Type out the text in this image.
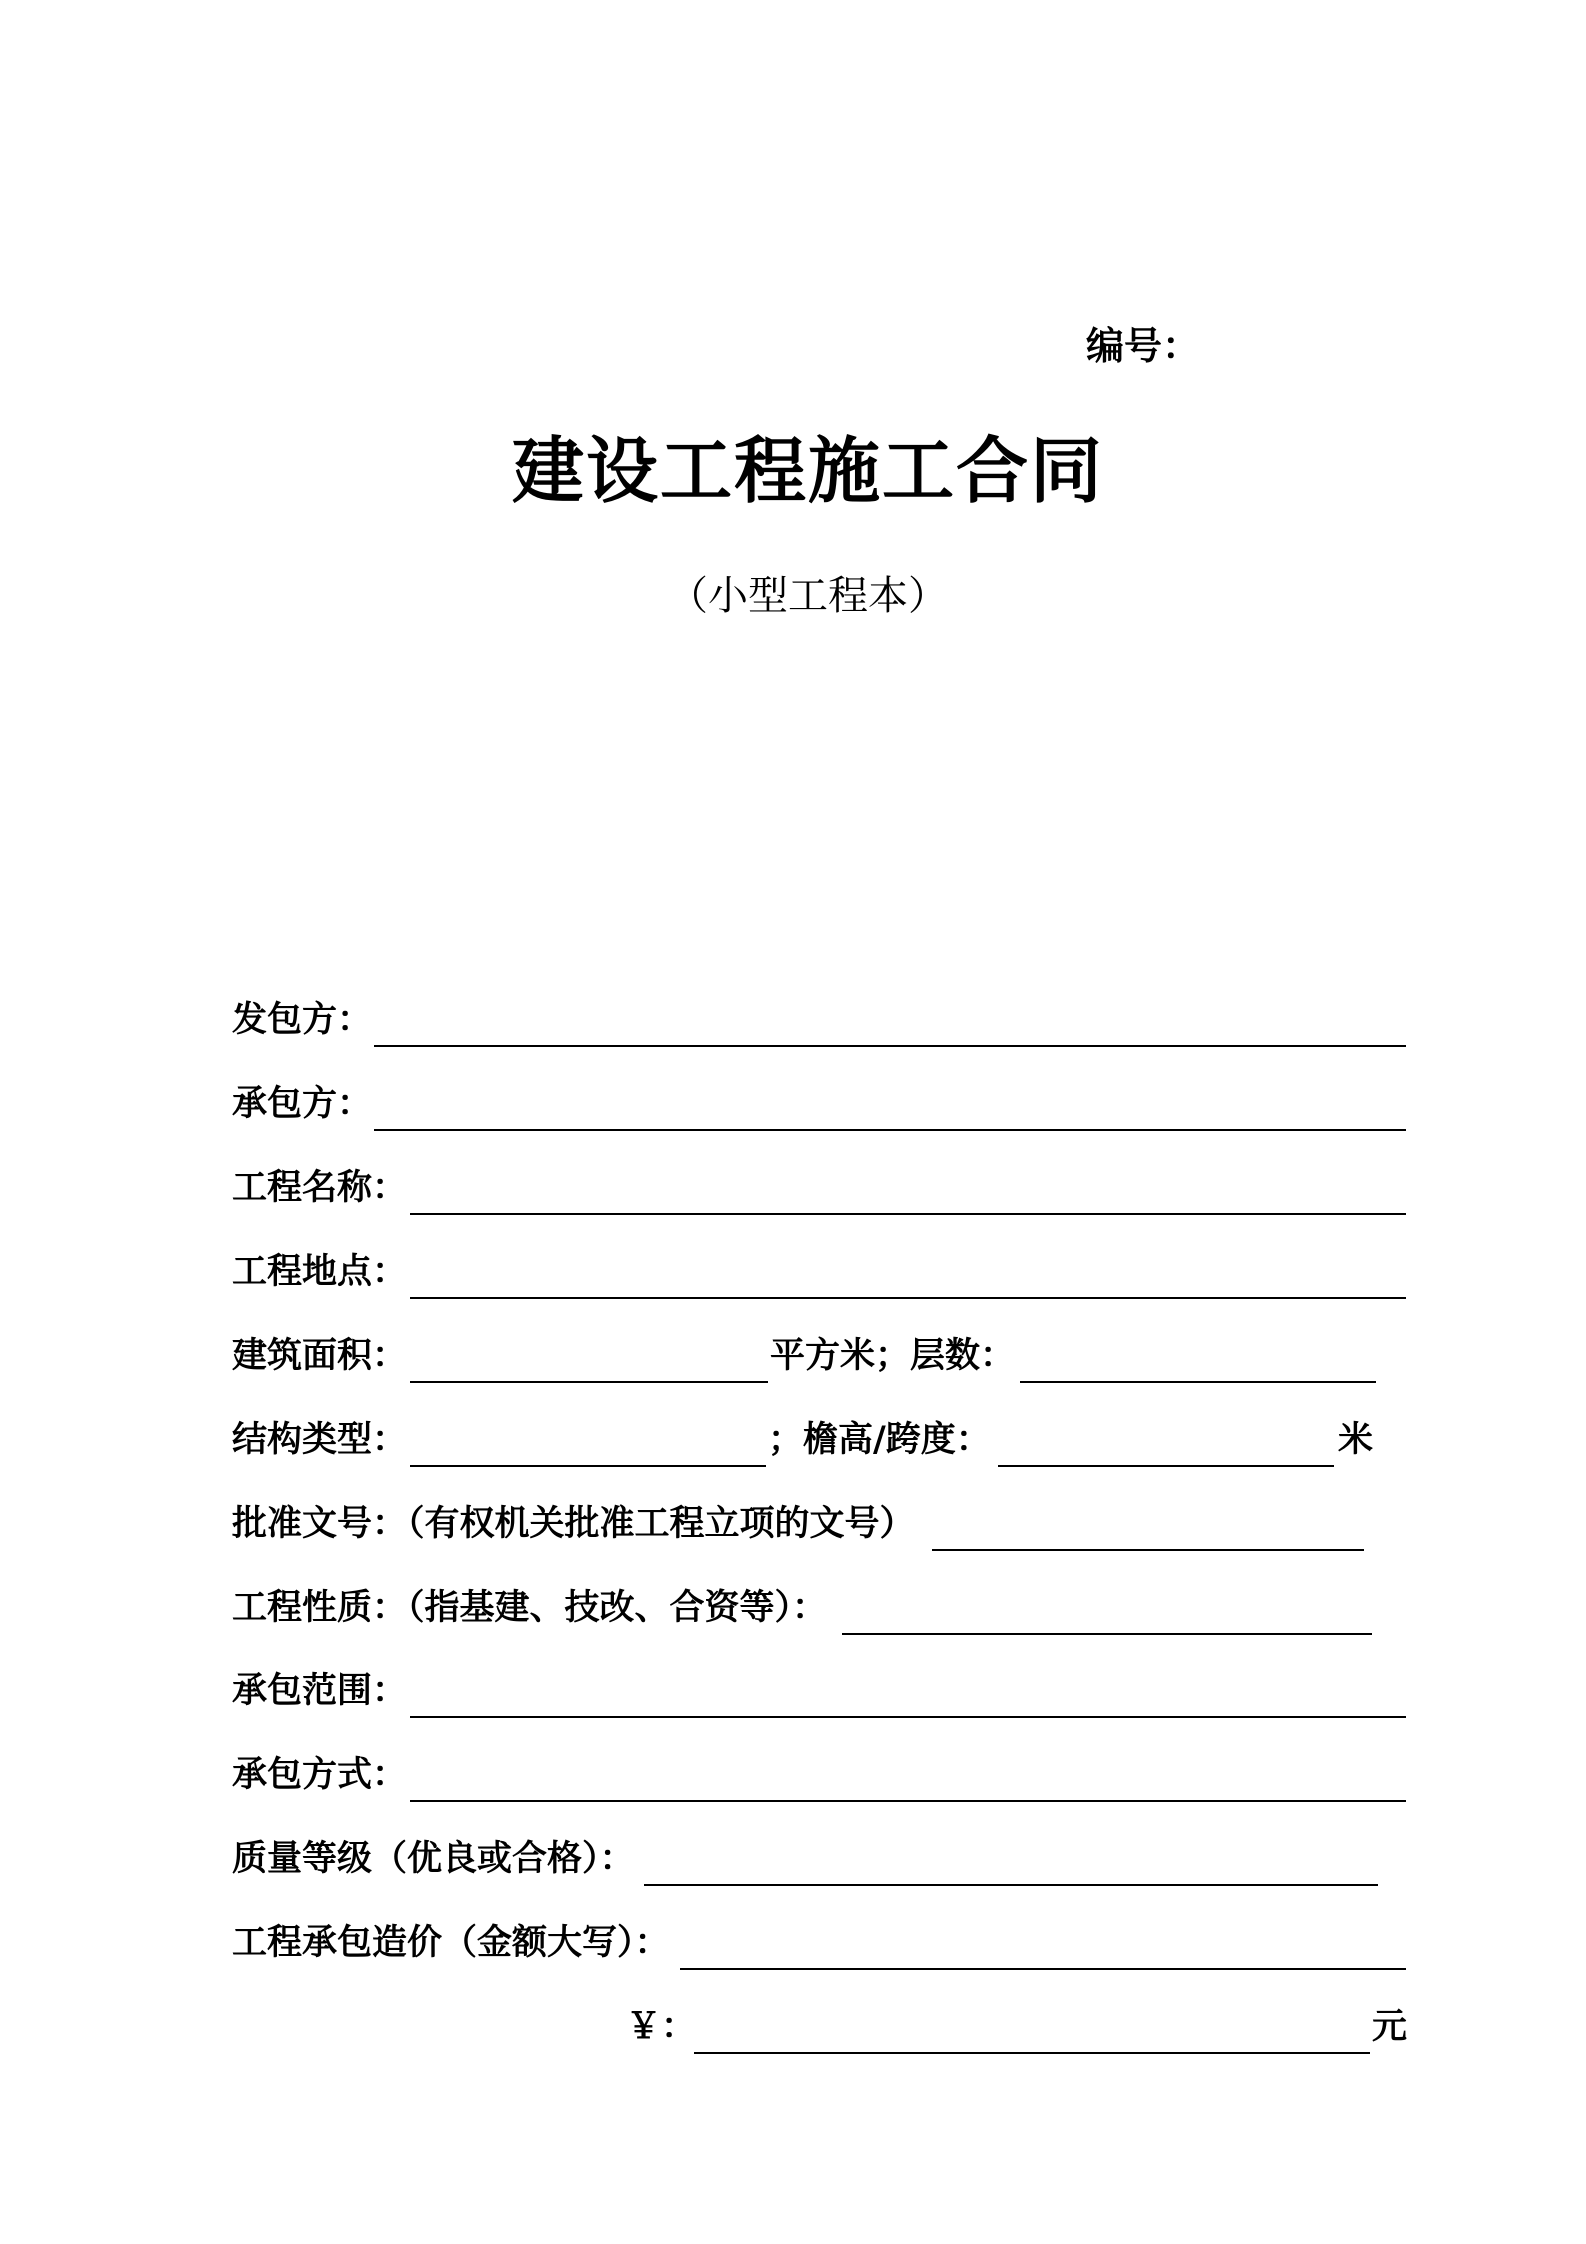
编号：
建设工程施工合同
（小型工程本）
发包方：
承包方：
工程名称：
工程地点：
建筑面积：	平方米；层数：
结构类型：	；檐高/跨度：	米
批准文号：（有权机关批准工程立项的文号）
工程性质：（指基建、技改、合资等）：
承包范围：
承包方式：
质量等级（优良或合格）：
工程承包造价（金额大写）：
￥：	元
